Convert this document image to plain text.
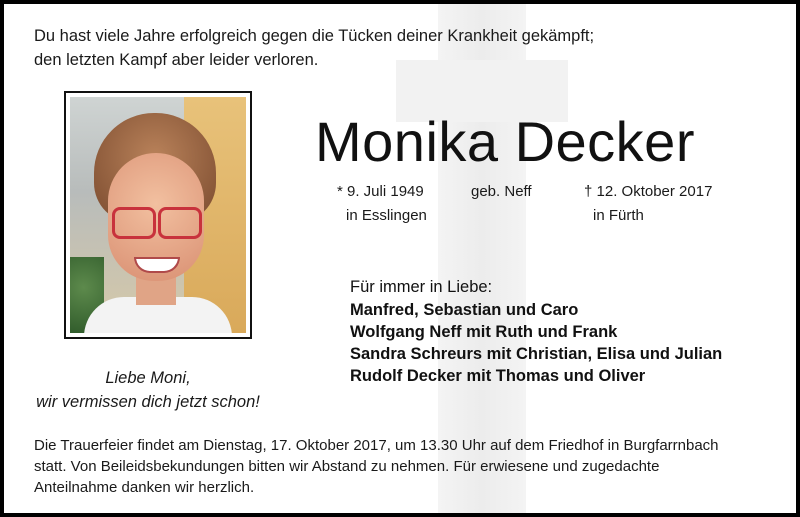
Du hast viele Jahre erfolgreich gegen die Tücken deiner Krankheit gekämpft;
den letzten Kampf aber leider verloren.
Liebe Moni,
wir vermissen dich jetzt schon!
Monika Decker
* 9. Juli 1949
in Esslingen
geb. Neff	† 12. Oktober 2017
in Fürth
Für immer in Liebe:
Manfred, Sebastian und Caro
Wolfgang Neff mit Ruth und Frank
Sandra Schreurs mit Christian, Elisa und Julian
Rudolf Decker mit Thomas und Oliver
Die Trauerfeier findet am Dienstag, 17. Oktober 2017, um 13.30 Uhr auf dem Friedhof in Burgfarrnbach
statt. Von Beileidsbekundungen bitten wir Abstand zu nehmen. Für erwiesene und zugedachte
Anteilnahme danken wir herzlich.
